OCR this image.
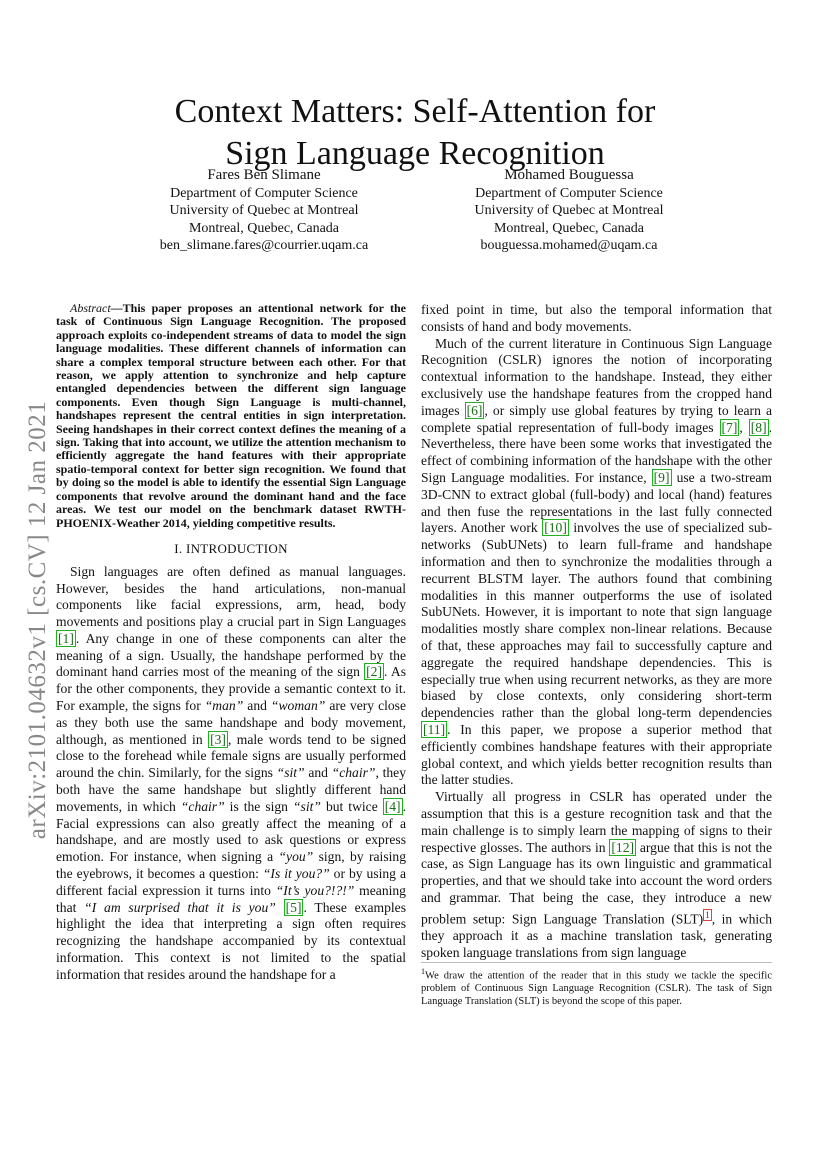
arXiv:2101.04632v1 [cs.CV] 12 Jan 2021
Context Matters: Self-Attention for
Sign Language Recognition
Fares Ben Slimane
Department of Computer Science
University of Quebec at Montreal
Montreal, Quebec, Canada
ben_slimane.fares@courrier.uqam.ca
Mohamed Bouguessa
Department of Computer Science
University of Quebec at Montreal
Montreal, Quebec, Canada
bouguessa.mohamed@uqam.ca

Abstract—This paper proposes an attentional network for the task of Continuous Sign Language Recognition. The proposed approach exploits co-independent streams of data to model the sign language modalities. These different channels of information can share a complex temporal structure between each other. For that reason, we apply attention to synchronize and help capture entangled dependencies between the different sign language components. Even though Sign Language is multi-channel, handshapes represent the central entities in sign interpretation. Seeing handshapes in their correct context defines the meaning of a sign. Taking that into account, we utilize the attention mechanism to efficiently aggregate the hand features with their appropriate spatio-temporal context for better sign recognition. We found that by doing so the model is able to identify the essential Sign Language components that revolve around the dominant hand and the face areas. We test our model on the benchmark dataset RWTH-PHOENIX-Weather 2014, yielding competitive results.

I. INTRODUCTION

Sign languages are often defined as manual languages. However, besides the hand articulations, non-manual components like facial expressions, arm, head, body movements and positions play a crucial part in Sign Languages [1] . Any change in one of these components can alter the meaning of a sign. Usually, the handshape performed by the dominant hand carries most of the meaning of the sign [2] . As for the other components, they provide a semantic context to it. For example, the signs for “man” and “woman” are very close as they both use the same handshape and body movement, although, as mentioned in [3] , male words tend to be signed close to the forehead while female signs are usually performed around the chin. Similarly, for the signs “sit” and “chair”, they both have the same handshape but slightly different hand movements, in which “chair” is the sign “sit” but twice [4] . Facial expressions can also greatly affect the meaning of a handshape, and are mostly used to ask questions or express emotion. For instance, when signing a “you” sign, by raising the eyebrows, it becomes a question: “Is it you?” or by using a different facial expression it turns into “It’s you?!?!” meaning that “I am surprised that it is you” [5] . These examples highlight the idea that interpreting a sign often requires recognizing the handshape accompanied by its contextual information. This context is not limited to the spatial information that resides around the handshape for a

fixed point in time, but also the temporal information that consists of hand and body movements.

Much of the current literature in Continuous Sign Language Recognition (CSLR) ignores the notion of incorporating contextual information to the handshape. Instead, they either exclusively use the handshape features from the cropped hand images [6] , or simply use global features by trying to learn a complete spatial representation of full-body images [7] , [8] . Nevertheless, there have been some works that investigated the effect of combining information of the handshape with the other Sign Language modalities. For instance, [9] use a two-stream 3D-CNN to extract global (full-body) and local (hand) features and then fuse the representations in the last fully connected layers. Another work [10] involves the use of specialized sub-networks (SubUNets) to learn full-frame and handshape information and then to synchronize the modalities through a recurrent BLSTM layer. The authors found that combining modalities in this manner outperforms the use of isolated SubUNets. However, it is important to note that sign language modalities mostly share complex non-linear relations. Because of that, these approaches may fail to successfully capture and aggregate the required handshape dependencies. This is especially true when using recurrent networks, as they are more biased by close contexts, only considering short-term dependencies rather than the global long-term dependencies [11] . In this paper, we propose a superior method that efficiently combines handshape features with their appropriate global context, and which yields better recognition results than the latter studies.

Virtually all progress in CSLR has operated under the assumption that this is a gesture recognition task and that the main challenge is to simply learn the mapping of signs to their respective glosses. The authors in [12] argue that this is not the case, as Sign Language has its own linguistic and grammatical properties, and that we should take into account the word orders and grammar. That being the case, they introduce a new problem setup: Sign Language Translation (SLT) $^1$ , in which they approach it as a machine translation task, generating spoken language translations from sign language

$^1$We draw the attention of the reader that in this study we tackle the specific problem of Continuous Sign Language Recognition (CSLR). The task of Sign Language Translation (SLT) is beyond the scope of this paper.
